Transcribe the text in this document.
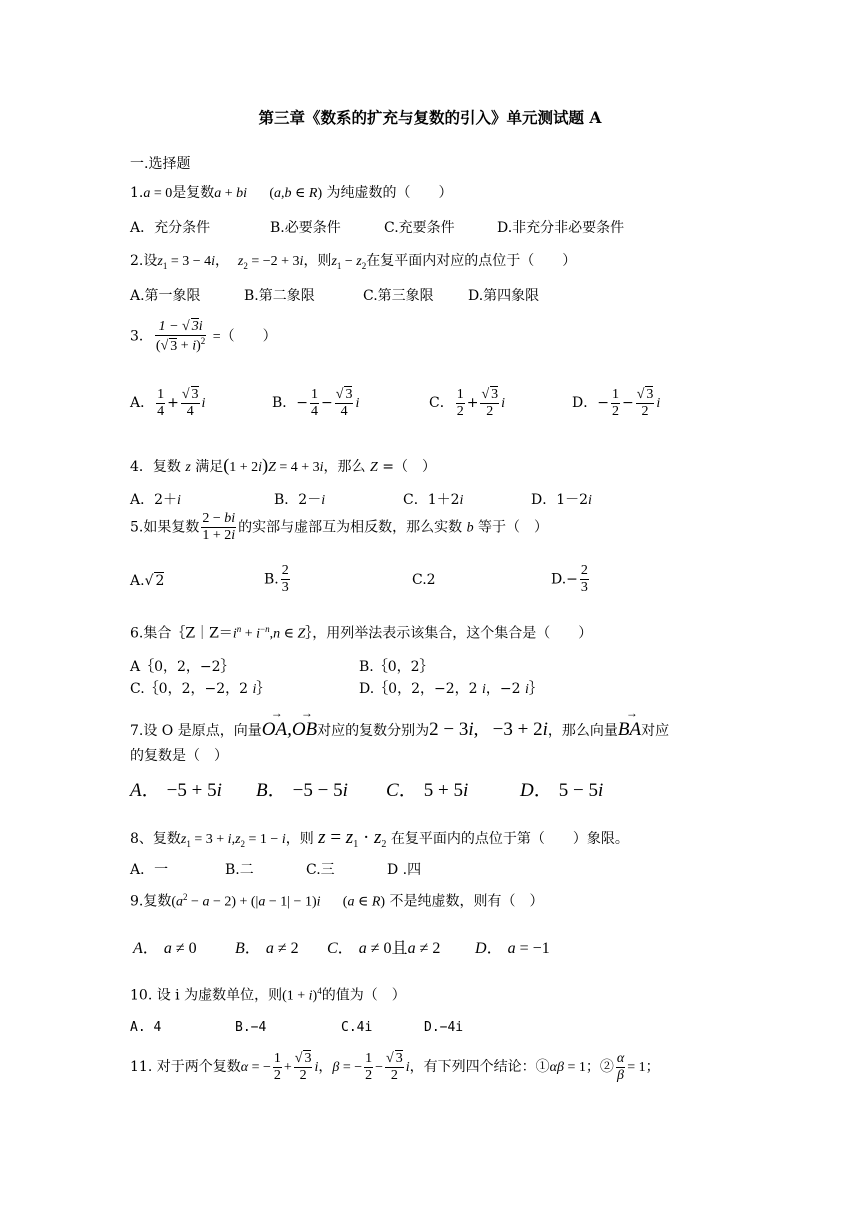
第三章《数系的扩充与复数的引入》单元测试题 A
一.选择题
1.a = 0是复数a + bi (a,b ∈ R) 为纯虚数的（　　）
A．充分条件	B.必要条件	C.充要条件	D.非充分非必要条件
2.设$z_1 = 3 - 4i$，  $z_2 = -2 + 3i$，则$z_1 - z_2$在复平面内对应的点位于（　　）
A.第一象限	B.第二象限	C.第三象限 D.第四象限
3． $\frac{1 - √ 3i}{(√ 3 + i)^2}$ =（　　）
A． $\frac{1}{4} + \frac{√ 3}{4}$ i	B．− $\frac{1}{4} - \frac{√ 3}{4}$ i	C． $\frac{1}{2} + \frac{√ 3}{2}$ i	D．− $\frac{1}{2} - \frac{√ 3}{2}$ i
4．复数 z 满足(1 + 2i)Z = 4 + 3i，那么 Z =（　）
A．2＋i	B．2－i	C．1＋2i	D．1－2i
5.如果复数 $\frac{2 - bi}{1 + 2i}$ 的实部与虚部互为相反数，那么实数 b 等于（　）
A.√ 2	B. $\frac{2}{3}$	C.2	$D.- \frac{2}{3}$
6.集合$\{Z|Z=i^n + i^{-n},n$ ∈ Z｝，用列举法表示该集合，这个集合是（　　）
A｛0，2，−2｝	B.｛0，2｝
C.｛0，2，−2，2 i｝	D.｛0，2，−2，2 i，−2 i｝
7.设 O 是原点，向量→ OA,→ OB对应的复数分别为2 − 3i,   −3 + 2i，那么向量→ BA对应
的复数是（　）
A． −5 + 5i B． −5 − 5i C． 5 + 5i	D． 5 − 5i
8、复数$z_1 = 3 + i,z_2 = 1 - i$，则 $z = z_1 \cdot z_2$ 在复平面内的点位于第（　　）象限。
A．一	B.二	C.三	D .四
9.复数$(a^2 - a - 2) + (|a - 1| - 1)i$ (a ∈ R) 不是纯虚数，则有（　）
A． a ≠ 0 B． a ≠ 2 C． a ≠ 0且a ≠ 2 D． a = −1
10. 设 i 为虚数单位，则$(1 + i)^4$的值为（　）
A. 4	B.−4	C.4i	D.−4i
11. 对于两个复数α = − $\frac{1}{2} + \frac{√ 3}{2}$ i，β = − $\frac{1}{2} - \frac{√ 3}{2}$ i，有下列四个结论：①αβ = 1；② $\frac{\alpha}{\beta} = 1$；
